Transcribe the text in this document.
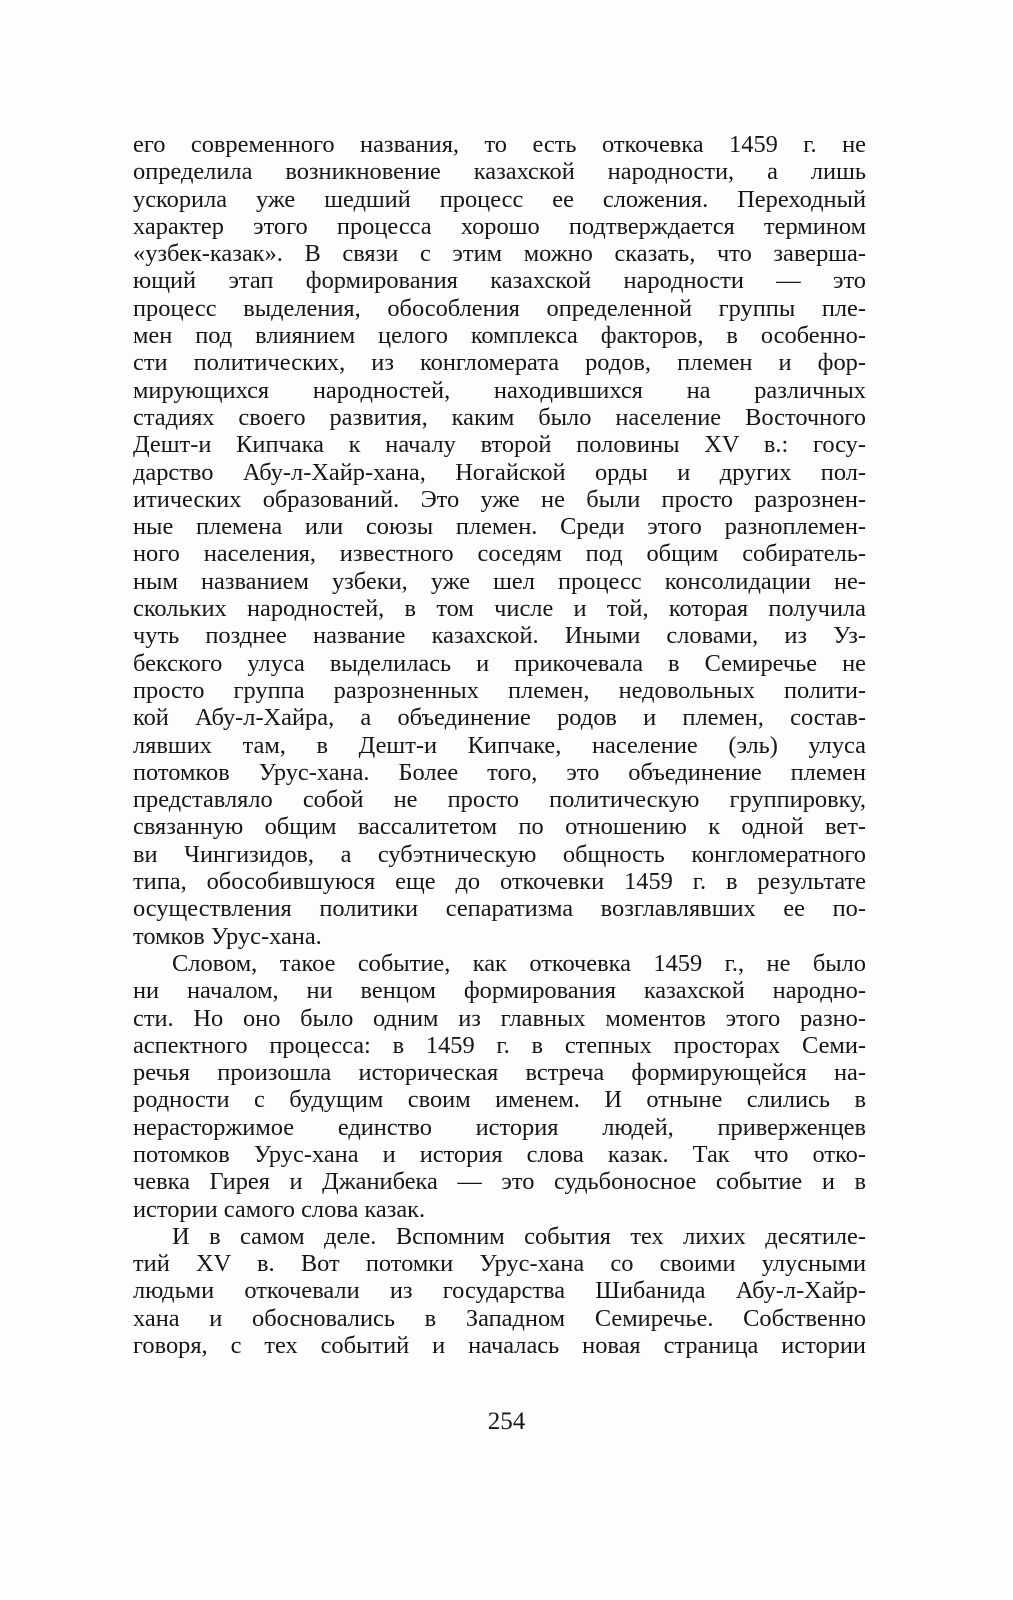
его современного названия, то есть откочевка 1459 г. не
определила возникновение казахской народности, а лишь
ускорила уже шедший процесс ее сложения. Переходный
характер этого процесса хорошо подтверждается термином
«узбек-казак». В связи с этим можно сказать, что заверша-
ющий этап формирования казахской народности — это
процесс выделения, обособления определенной группы пле-
мен под влиянием целого комплекса факторов, в особенно-
сти политических, из конгломерата родов, племен и фор-
мирующихся народностей, находившихся на различных
стадиях своего развития, каким было население Восточного
Дешт-и Кипчака к началу второй половины XV в.: госу-
дарство Абу-л-Хайр-хана, Ногайской орды и других пол-
итических образований. Это уже не были просто разрознен-
ные племена или союзы племен. Среди этого разноплемен-
ного населения, известного соседям под общим собиратель-
ным названием узбеки, уже шел процесс консолидации не-
скольких народностей, в том числе и той, которая получила
чуть позднее название казахской. Иными словами, из Уз-
бекского улуса выделилась и прикочевала в Семиречье не
просто группа разрозненных племен, недовольных полити-
кой Абу-л-Хайра, а объединение родов и племен, состав-
лявших там, в Дешт-и Кипчаке, население (эль) улуса
потомков Урус-хана. Более того, это объединение племен
представляло собой не просто политическую группировку,
связанную общим вассалитетом по отношению к одной вет-
ви Чингизидов, а субэтническую общность конгломератного
типа, обособившуюся еще до откочевки 1459 г. в результате
осуществления политики сепаратизма возглавлявших ее по-
томков Урус-хана.
Словом, такое событие, как откочевка 1459 г., не было
ни началом, ни венцом формирования казахской народно-
сти. Но оно было одним из главных моментов этого разно-
аспектного процесса: в 1459 г. в степных просторах Семи-
речья произошла историческая встреча формирующейся на-
родности с будущим своим именем. И отныне слились в
нерасторжимое единство история людей, приверженцев
потомков Урус-хана и история слова казак. Так что отко-
чевка Гирея и Джанибека — это судьбоносное событие и в
истории самого слова казак.
И в самом деле. Вспомним события тех лихих десятиле-
тий XV в. Вот потомки Урус-хана со своими улусными
людьми откочевали из государства Шибанида Абу-л-Хайр-
хана и обосновались в Западном Семиречье. Собственно
говоря, с тех событий и началась новая страница истории
254
